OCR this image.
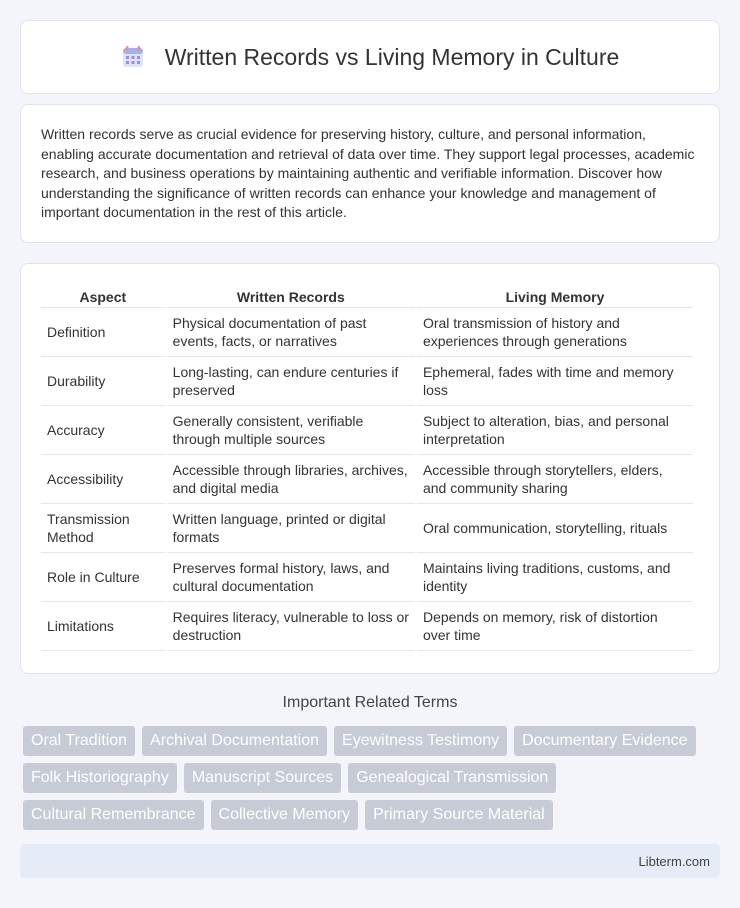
Written Records vs Living Memory in Culture

Written records serve as crucial evidence for preserving history, culture, and personal information, enabling accurate documentation and retrieval of data over time. They support legal processes, academic research, and business operations by maintaining authentic and verifiable information. Discover how understanding the significance of written records can enhance your knowledge and management of important documentation in the rest of this article.

Aspect	Written Records	Living Memory
Definition	Physical documentation of past events, facts, or narratives	Oral transmission of history and experiences through generations
Durability	Long-lasting, can endure centuries if preserved	Ephemeral, fades with time and memory loss
Accuracy	Generally consistent, verifiable through multiple sources	Subject to alteration, bias, and personal interpretation
Accessibility	Accessible through libraries, archives, and digital media	Accessible through storytellers, elders, and community sharing
Transmission Method	Written language, printed or digital formats	Oral communication, storytelling, rituals
Role in Culture	Preserves formal history, laws, and cultural documentation	Maintains living traditions, customs, and identity
Limitations	Requires literacy, vulnerable to loss or destruction	Depends on memory, risk of distortion over time
Important Related Terms
Oral Tradition	Archival Documentation	Eyewitness Testimony	Documentary Evidence
Folk Historiography	Manuscript Sources	Genealogical Transmission
Cultural Remembrance	Collective Memory	Primary Source Material
Libterm.com
